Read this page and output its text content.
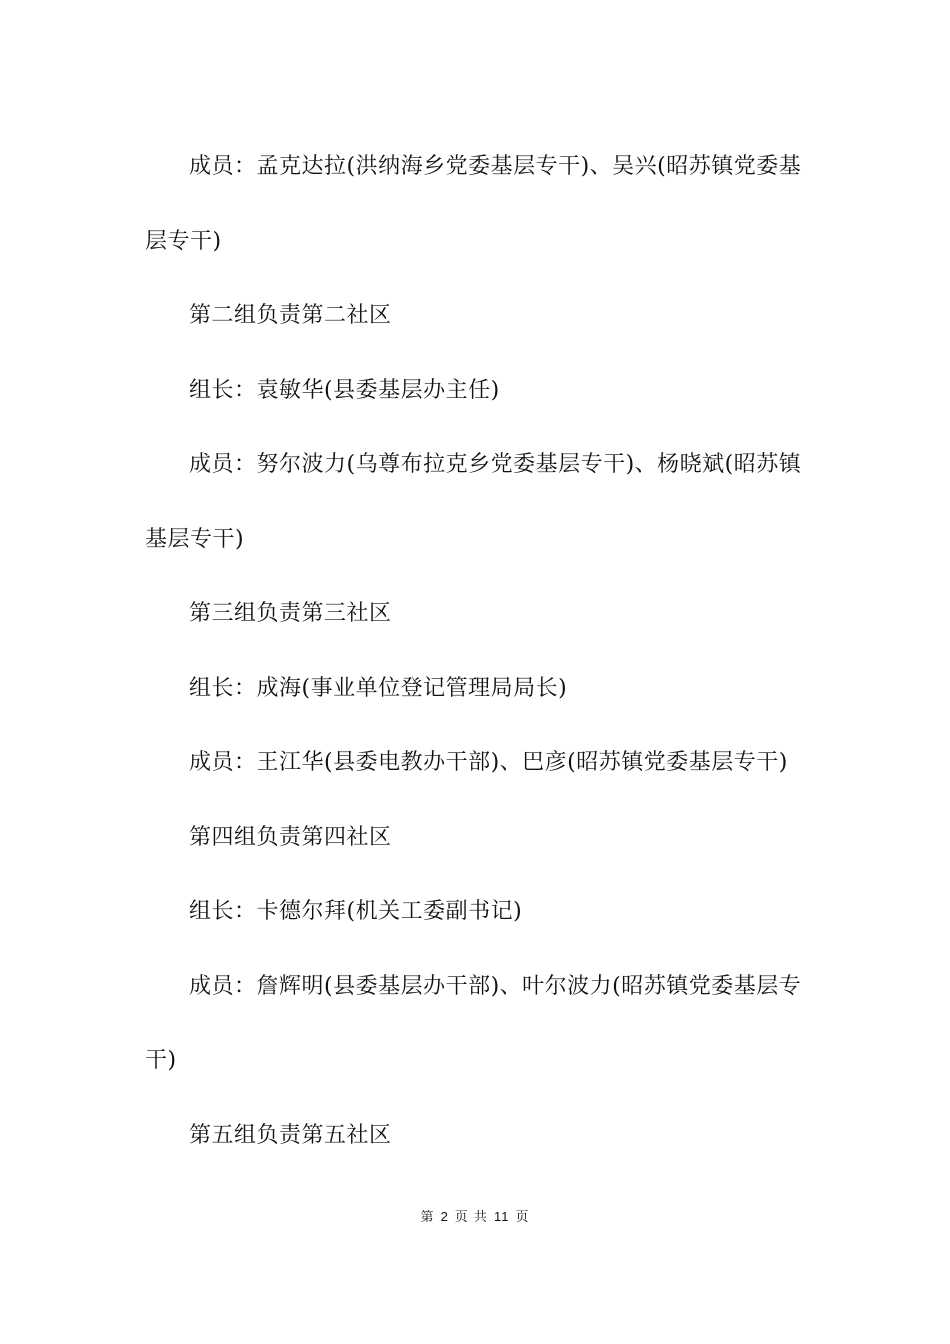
成员：孟克达拉(洪纳海乡党委基层专干)、吴兴(昭苏镇党委基层专干)

第二组负责第二社区

组长：袁敏华(县委基层办主任)

成员：努尔波力(乌尊布拉克乡党委基层专干)、杨晓斌(昭苏镇基层专干)

第三组负责第三社区

组长：成海(事业单位登记管理局局长)

成员：王江华(县委电教办干部)、巴彦(昭苏镇党委基层专干)

第四组负责第四社区

组长：卡德尔拜(机关工委副书记)

成员：詹辉明(县委基层办干部)、叶尔波力(昭苏镇党委基层专干)

第五组负责第五社区

第 2 页 共 11 页
